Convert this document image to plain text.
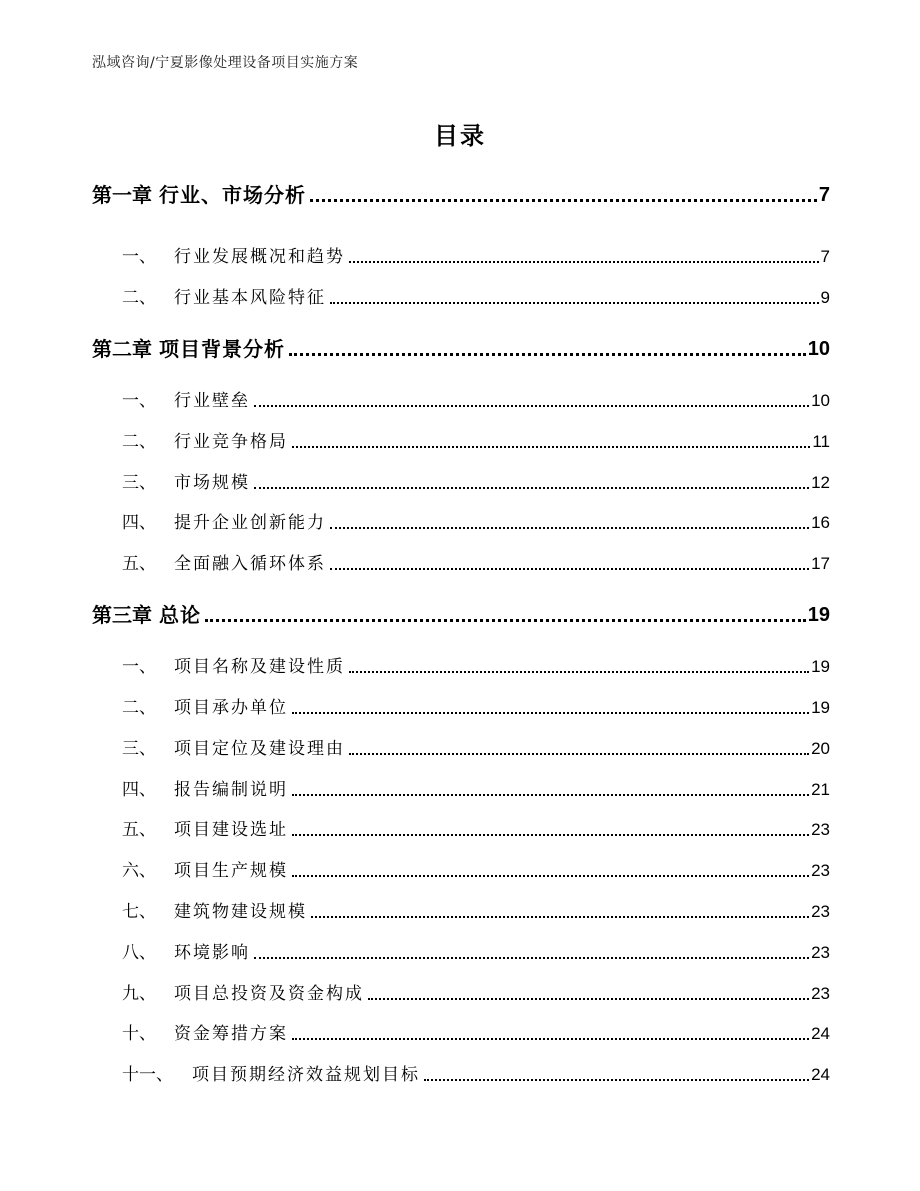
泓域咨询/宁夏影像处理设备项目实施方案
目录
第一章 行业、市场分析	7
一、 行业发展概况和趋势	7
二、 行业基本风险特征	9
第二章 项目背景分析	10
一、 行业壁垒	10
二、 行业竞争格局	11
三、 市场规模	12
四、 提升企业创新能力	16
五、 全面融入循环体系	17
第三章 总论	19
一、 项目名称及建设性质	19
二、 项目承办单位	19
三、 项目定位及建设理由	20
四、 报告编制说明	21
五、 项目建设选址	23
六、 项目生产规模	23
七、 建筑物建设规模	23
八、 环境影响	23
九、 项目总投资及资金构成	23
十、 资金筹措方案	24
十一、 项目预期经济效益规划目标	24
